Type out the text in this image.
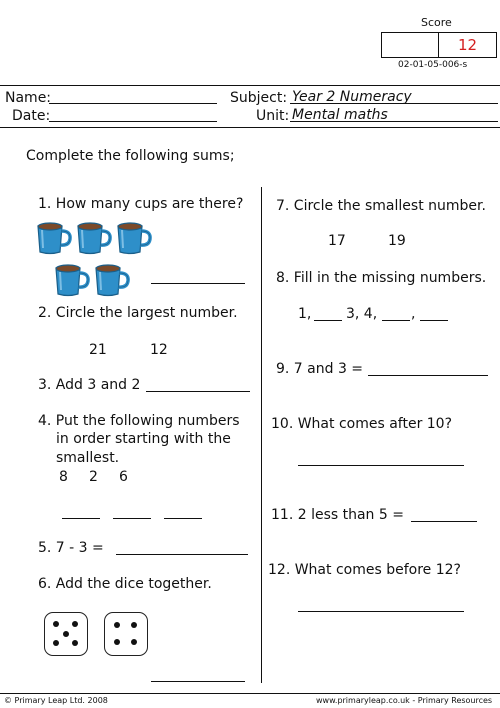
Score
12
02-01-05-006-s
Name:
Date:
Subject: Year 2 Numeracy
Unit: Mental maths
Complete the following sums;
1. How many cups are there?
2. Circle the largest number.
21	12
3. Add 3 and 2
4. Put the following numbers
in order starting with the
smallest.
8 2 6
5. 7 - 3 =
6. Add the dice together.
7. Circle the smallest number.
17	19
8. Fill in the missing numbers.
1, 3, 4, ,
9. 7 and 3 =
10. What comes after 10?
11. 2 less than 5 =
12. What comes before 12?
© Primary Leap Ltd. 2008	www.primaryleap.co.uk - Primary Resources
